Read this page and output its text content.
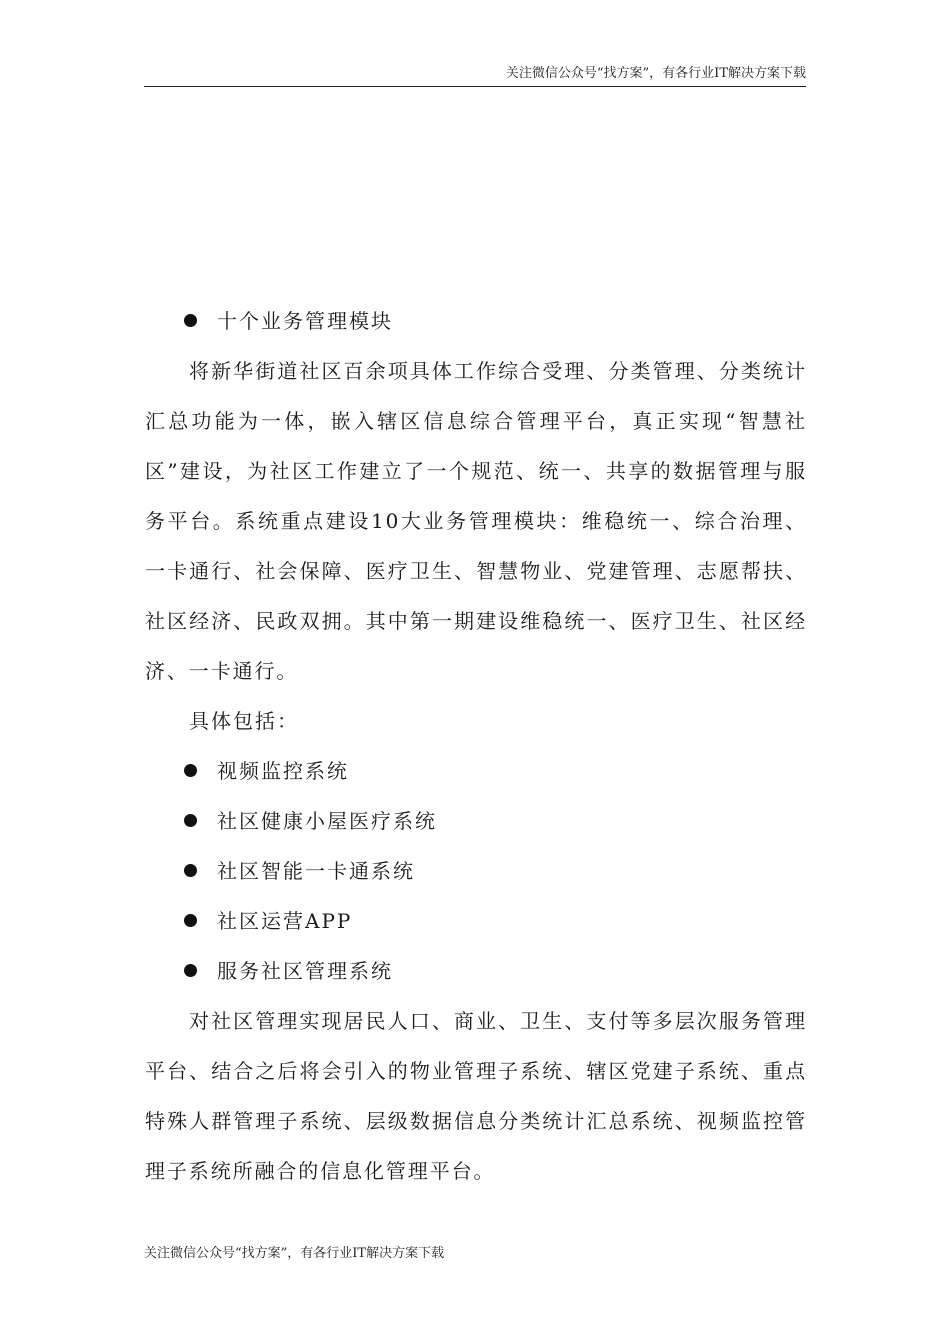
关注微信公众号“找方案”，有各行业IT解决方案下载
十个业务管理模块

将新华街道社区百余项具体工作综合受理、分类管理、分类统计汇总功能为一体，嵌入辖区信息综合管理平台，真正实现“智慧社区”建设，为社区工作建立了一个规范、统一、共享的数据管理与服务平台。系统重点建设10大业务管理模块：维稳统一、综合治理、一卡通行、社会保障、医疗卫生、智慧物业、党建管理、志愿帮扶、社区经济、民政双拥。其中第一期建设维稳统一、医疗卫生、社区经济、一卡通行。

具体包括：
视频监控系统
社区健康小屋医疗系统
社区智能一卡通系统
社区运营APP
服务社区管理系统

对社区管理实现居民人口、商业、卫生、支付等多层次服务管理平台、结合之后将会引入的物业管理子系统、辖区党建子系统、重点特殊人群管理子系统、层级数据信息分类统计汇总系统、视频监控管理子系统所融合的信息化管理平台。

关注微信公众号“找方案”，有各行业IT解决方案下载
